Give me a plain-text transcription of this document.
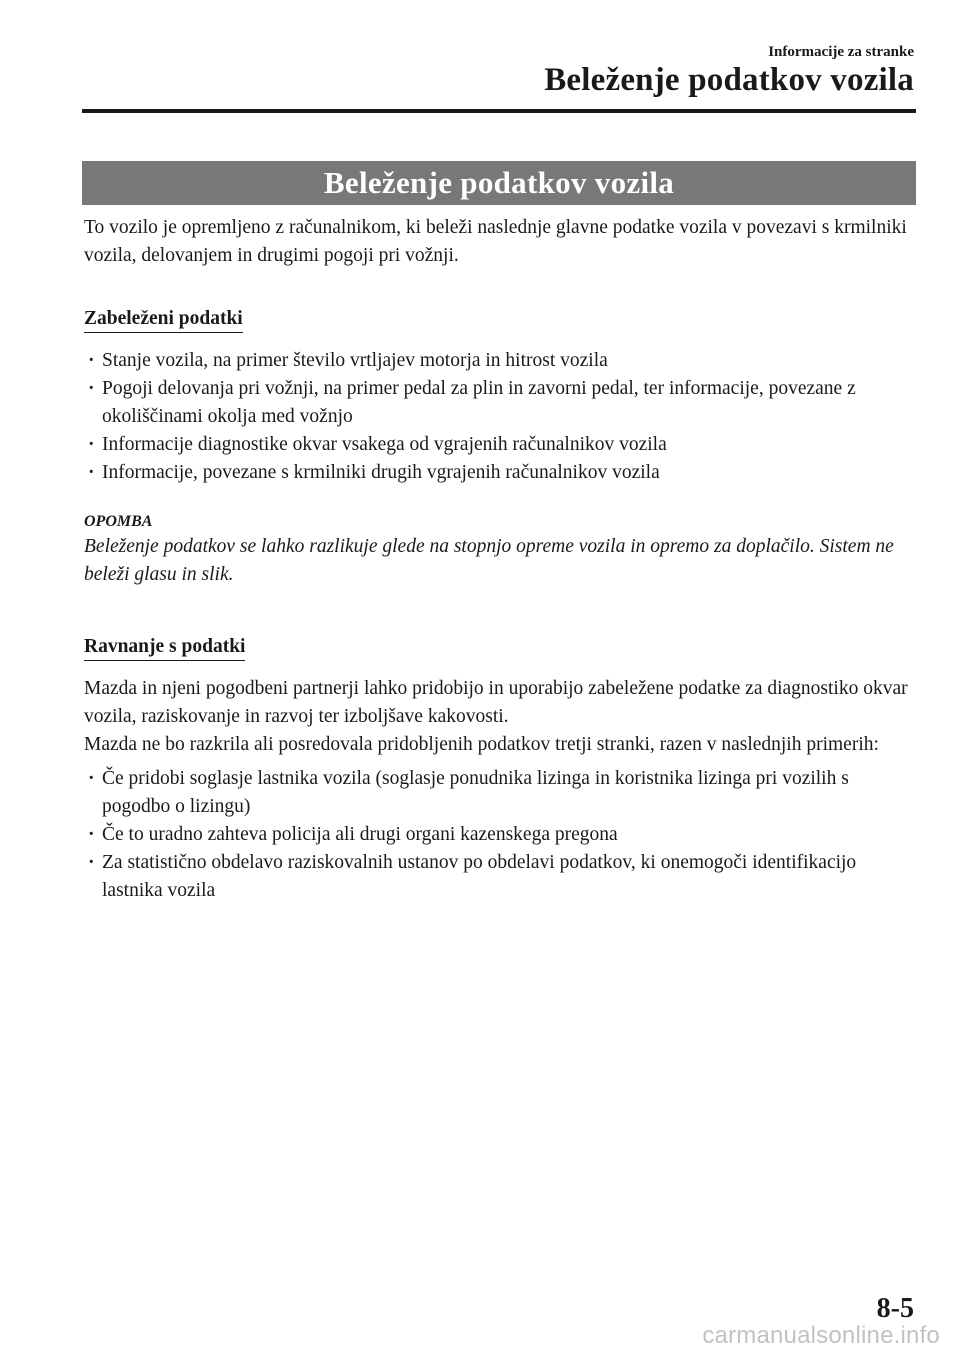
Informacije za stranke
Beleženje podatkov vozila
Beleženje podatkov vozila

To vozilo je opremljeno z računalnikom, ki beleži naslednje glavne podatke vozila v povezavi s krmilniki vozila, delovanjem in drugimi pogoji pri vožnji.

Zabeleženi podatki
· Stanje vozila, na primer število vrtljajev motorja in hitrost vozila
· Pogoji delovanja pri vožnji, na primer pedal za plin in zavorni pedal, ter informacije, povezane z okoliščinami okolja med vožnjo
· Informacije diagnostike okvar vsakega od vgrajenih računalnikov vozila
· Informacije, povezane s krmilniki drugih vgrajenih računalnikov vozila
OPOMBA

Beleženje podatkov se lahko razlikuje glede na stopnjo opreme vozila in opremo za doplačilo. Sistem ne beleži glasu in slik.

Ravnanje s podatki

Mazda in njeni pogodbeni partnerji lahko pridobijo in uporabijo zabeležene podatke za diagnostiko okvar vozila, raziskovanje in razvoj ter izboljšave kakovosti.

Mazda ne bo razkrila ali posredovala pridobljenih podatkov tretji stranki, razen v naslednjih primerih:

· Če pridobi soglasje lastnika vozila (soglasje ponudnika lizinga in koristnika lizinga pri vozilih s pogodbo o lizingu)
· Če to uradno zahteva policija ali drugi organi kazenskega pregona
· Za statistično obdelavo raziskovalnih ustanov po obdelavi podatkov, ki onemogoči identifikacijo lastnika vozila
8-5
carmanualsonline.info
